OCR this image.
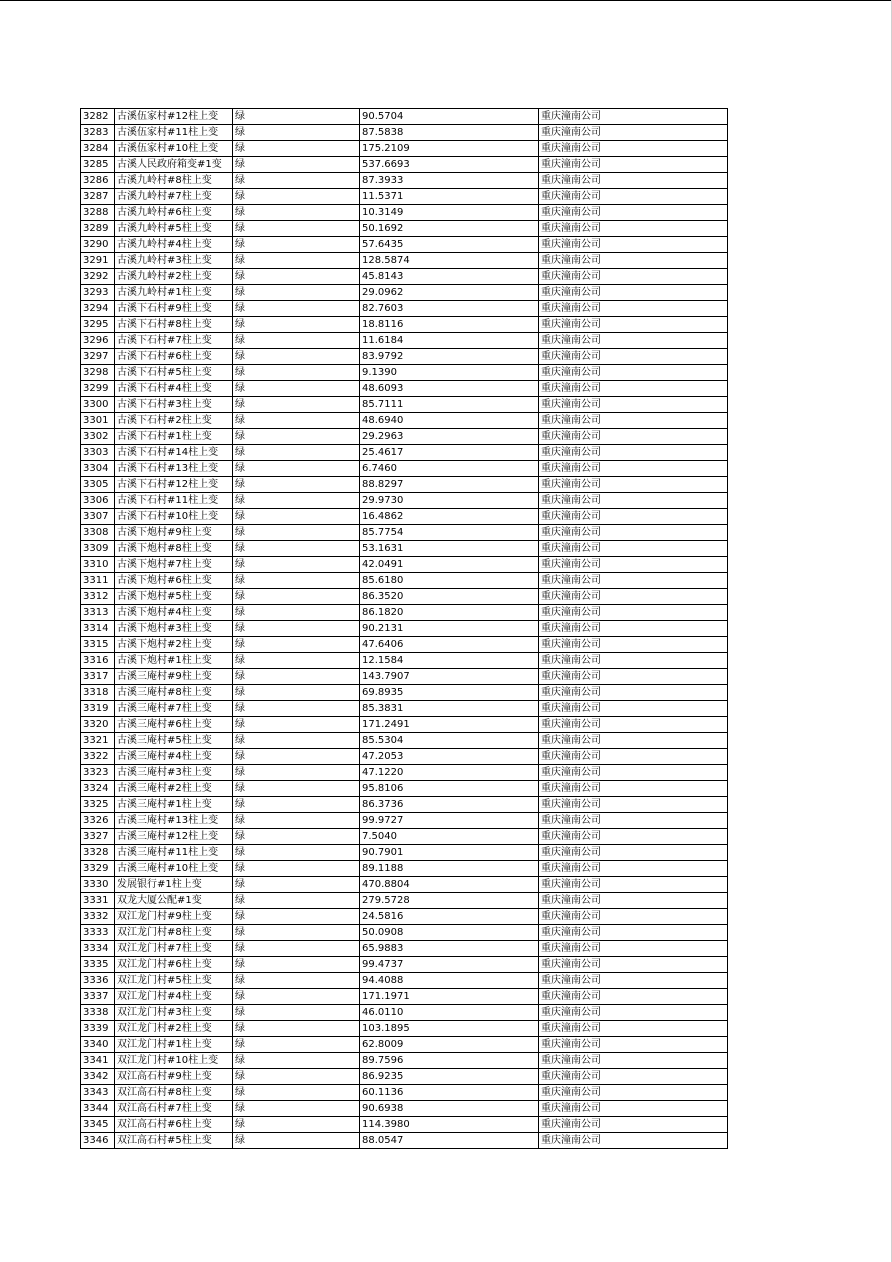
3282	古溪伍家村#12柱上变	绿	90.5704	重庆潼南公司
3283	古溪伍家村#11柱上变	绿	87.5838	重庆潼南公司
3284	古溪伍家村#10柱上变	绿	175.2109	重庆潼南公司
3285	古溪人民政府箱变#1变	绿	537.6693	重庆潼南公司
3286	古溪九岭村#8柱上变	绿	87.3933	重庆潼南公司
3287	古溪九岭村#7柱上变	绿	11.5371	重庆潼南公司
3288	古溪九岭村#6柱上变	绿	10.3149	重庆潼南公司
3289	古溪九岭村#5柱上变	绿	50.1692	重庆潼南公司
3290	古溪九岭村#4柱上变	绿	57.6435	重庆潼南公司
3291	古溪九岭村#3柱上变	绿	128.5874	重庆潼南公司
3292	古溪九岭村#2柱上变	绿	45.8143	重庆潼南公司
3293	古溪九岭村#1柱上变	绿	29.0962	重庆潼南公司
3294	古溪下石村#9柱上变	绿	82.7603	重庆潼南公司
3295	古溪下石村#8柱上变	绿	18.8116	重庆潼南公司
3296	古溪下石村#7柱上变	绿	11.6184	重庆潼南公司
3297	古溪下石村#6柱上变	绿	83.9792	重庆潼南公司
3298	古溪下石村#5柱上变	绿	9.1390	重庆潼南公司
3299	古溪下石村#4柱上变	绿	48.6093	重庆潼南公司
3300	古溪下石村#3柱上变	绿	85.7111	重庆潼南公司
3301	古溪下石村#2柱上变	绿	48.6940	重庆潼南公司
3302	古溪下石村#1柱上变	绿	29.2963	重庆潼南公司
3303	古溪下石村#14柱上变	绿	25.4617	重庆潼南公司
3304	古溪下石村#13柱上变	绿	6.7460	重庆潼南公司
3305	古溪下石村#12柱上变	绿	88.8297	重庆潼南公司
3306	古溪下石村#11柱上变	绿	29.9730	重庆潼南公司
3307	古溪下石村#10柱上变	绿	16.4862	重庆潼南公司
3308	古溪下炮村#9柱上变	绿	85.7754	重庆潼南公司
3309	古溪下炮村#8柱上变	绿	53.1631	重庆潼南公司
3310	古溪下炮村#7柱上变	绿	42.0491	重庆潼南公司
3311	古溪下炮村#6柱上变	绿	85.6180	重庆潼南公司
3312	古溪下炮村#5柱上变	绿	86.3520	重庆潼南公司
3313	古溪下炮村#4柱上变	绿	86.1820	重庆潼南公司
3314	古溪下炮村#3柱上变	绿	90.2131	重庆潼南公司
3315	古溪下炮村#2柱上变	绿	47.6406	重庆潼南公司
3316	古溪下炮村#1柱上变	绿	12.1584	重庆潼南公司
3317	古溪三庵村#9柱上变	绿	143.7907	重庆潼南公司
3318	古溪三庵村#8柱上变	绿	69.8935	重庆潼南公司
3319	古溪三庵村#7柱上变	绿	85.3831	重庆潼南公司
3320	古溪三庵村#6柱上变	绿	171.2491	重庆潼南公司
3321	古溪三庵村#5柱上变	绿	85.5304	重庆潼南公司
3322	古溪三庵村#4柱上变	绿	47.2053	重庆潼南公司
3323	古溪三庵村#3柱上变	绿	47.1220	重庆潼南公司
3324	古溪三庵村#2柱上变	绿	95.8106	重庆潼南公司
3325	古溪三庵村#1柱上变	绿	86.3736	重庆潼南公司
3326	古溪三庵村#13柱上变	绿	99.9727	重庆潼南公司
3327	古溪三庵村#12柱上变	绿	7.5040	重庆潼南公司
3328	古溪三庵村#11柱上变	绿	90.7901	重庆潼南公司
3329	古溪三庵村#10柱上变	绿	89.1188	重庆潼南公司
3330	发展银行#1柱上变	绿	470.8804	重庆潼南公司
3331	双龙大厦公配#1变	绿	279.5728	重庆潼南公司
3332	双江龙门村#9柱上变	绿	24.5816	重庆潼南公司
3333	双江龙门村#8柱上变	绿	50.0908	重庆潼南公司
3334	双江龙门村#7柱上变	绿	65.9883	重庆潼南公司
3335	双江龙门村#6柱上变	绿	99.4737	重庆潼南公司
3336	双江龙门村#5柱上变	绿	94.4088	重庆潼南公司
3337	双江龙门村#4柱上变	绿	171.1971	重庆潼南公司
3338	双江龙门村#3柱上变	绿	46.0110	重庆潼南公司
3339	双江龙门村#2柱上变	绿	103.1895	重庆潼南公司
3340	双江龙门村#1柱上变	绿	62.8009	重庆潼南公司
3341	双江龙门村#10柱上变	绿	89.7596	重庆潼南公司
3342	双江高石村#9柱上变	绿	86.9235	重庆潼南公司
3343	双江高石村#8柱上变	绿	60.1136	重庆潼南公司
3344	双江高石村#7柱上变	绿	90.6938	重庆潼南公司
3345	双江高石村#6柱上变	绿	114.3980	重庆潼南公司
3346	双江高石村#5柱上变	绿	88.0547	重庆潼南公司
